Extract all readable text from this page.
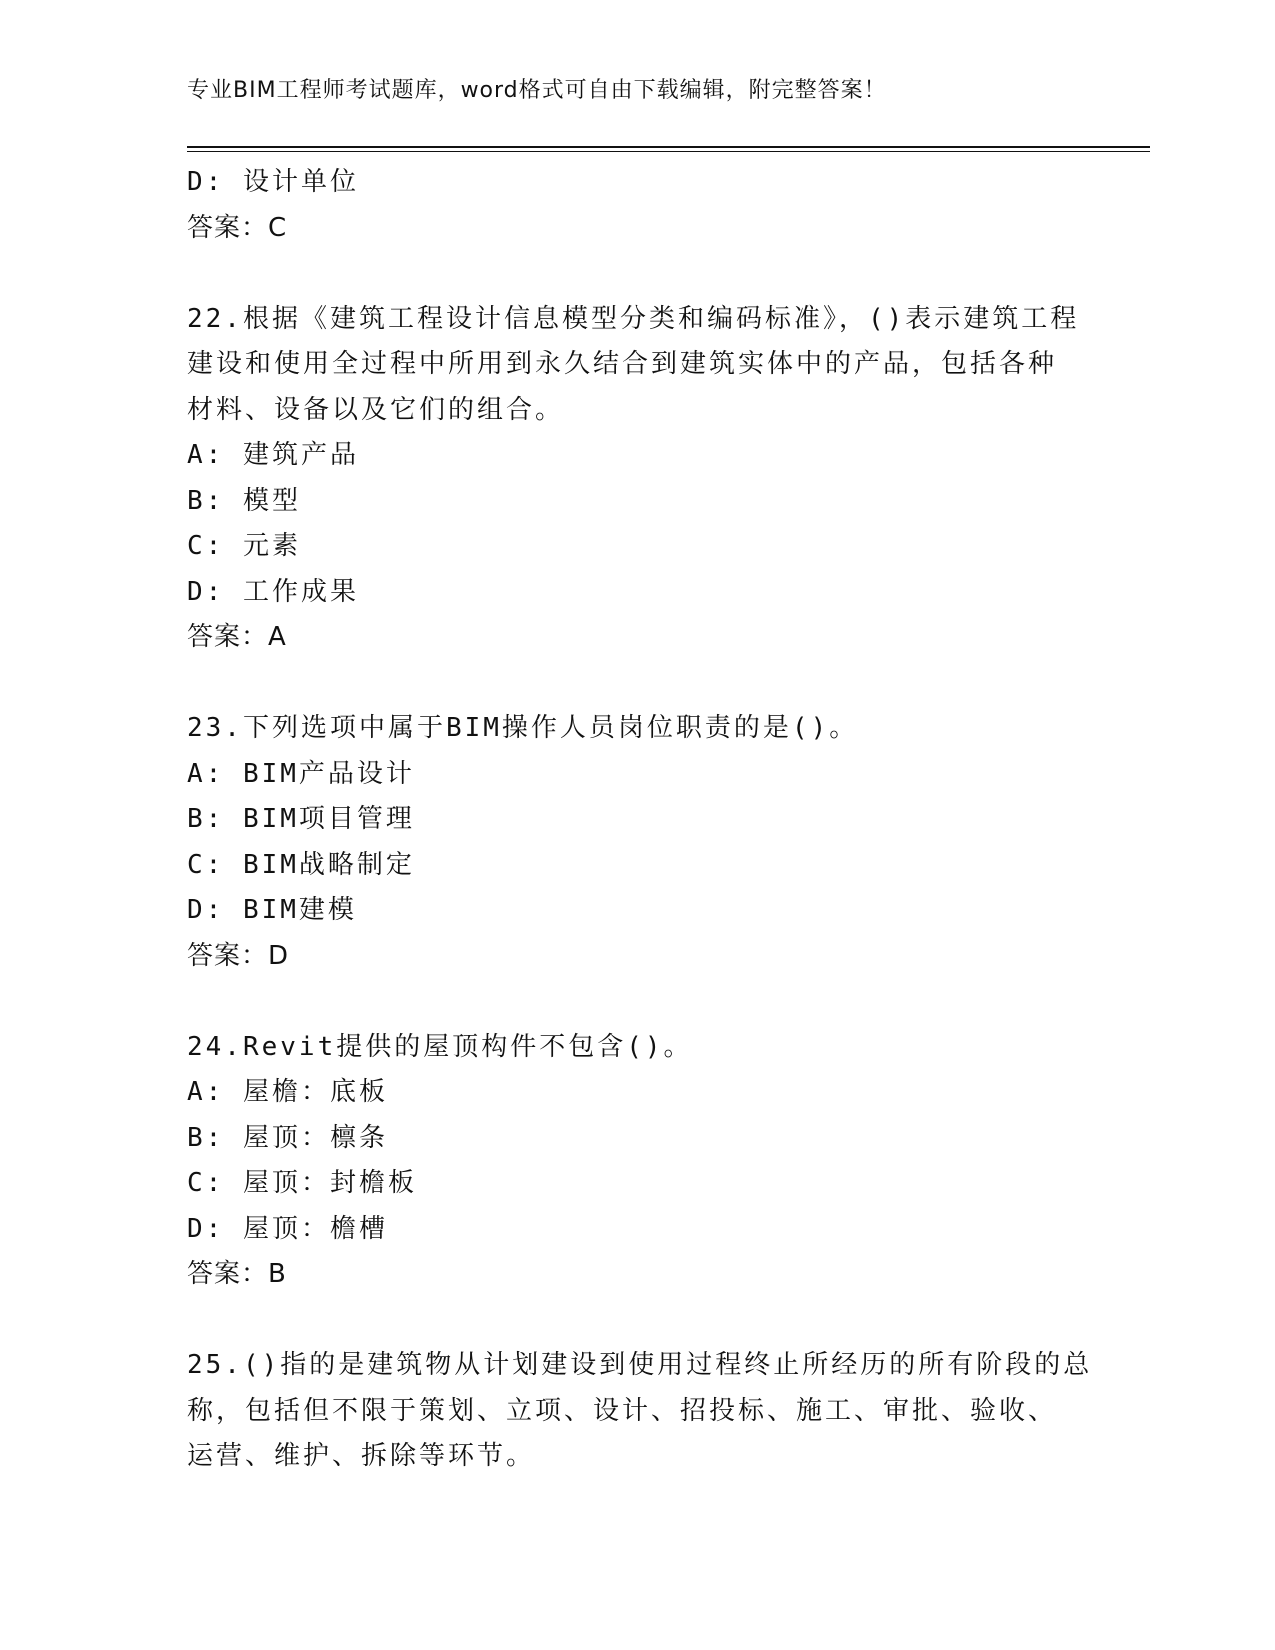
专业BIM工程师考试题库，word格式可自由下载编辑，附完整答案！
D: 设计单位
答案：C
22.根据《建筑工程设计信息模型分类和编码标准》，()表示建筑工程
建设和使用全过程中所用到永久结合到建筑实体中的产品，包括各种
材料、设备以及它们的组合。
A: 建筑产品
B: 模型
C: 元素
D: 工作成果
答案：A
23.下列选项中属于BIM操作人员岗位职责的是()。
A: BIM产品设计
B: BIM项目管理
C: BIM战略制定
D: BIM建模
答案：D
24.Revit提供的屋顶构件不包含()。
A: 屋檐：底板
B: 屋顶：檩条
C: 屋顶：封檐板
D: 屋顶：檐槽
答案：B
25.()指的是建筑物从计划建设到使用过程终止所经历的所有阶段的总
称，包括但不限于策划、立项、设计、招投标、施工、审批、验收、
运营、维护、拆除等环节。
